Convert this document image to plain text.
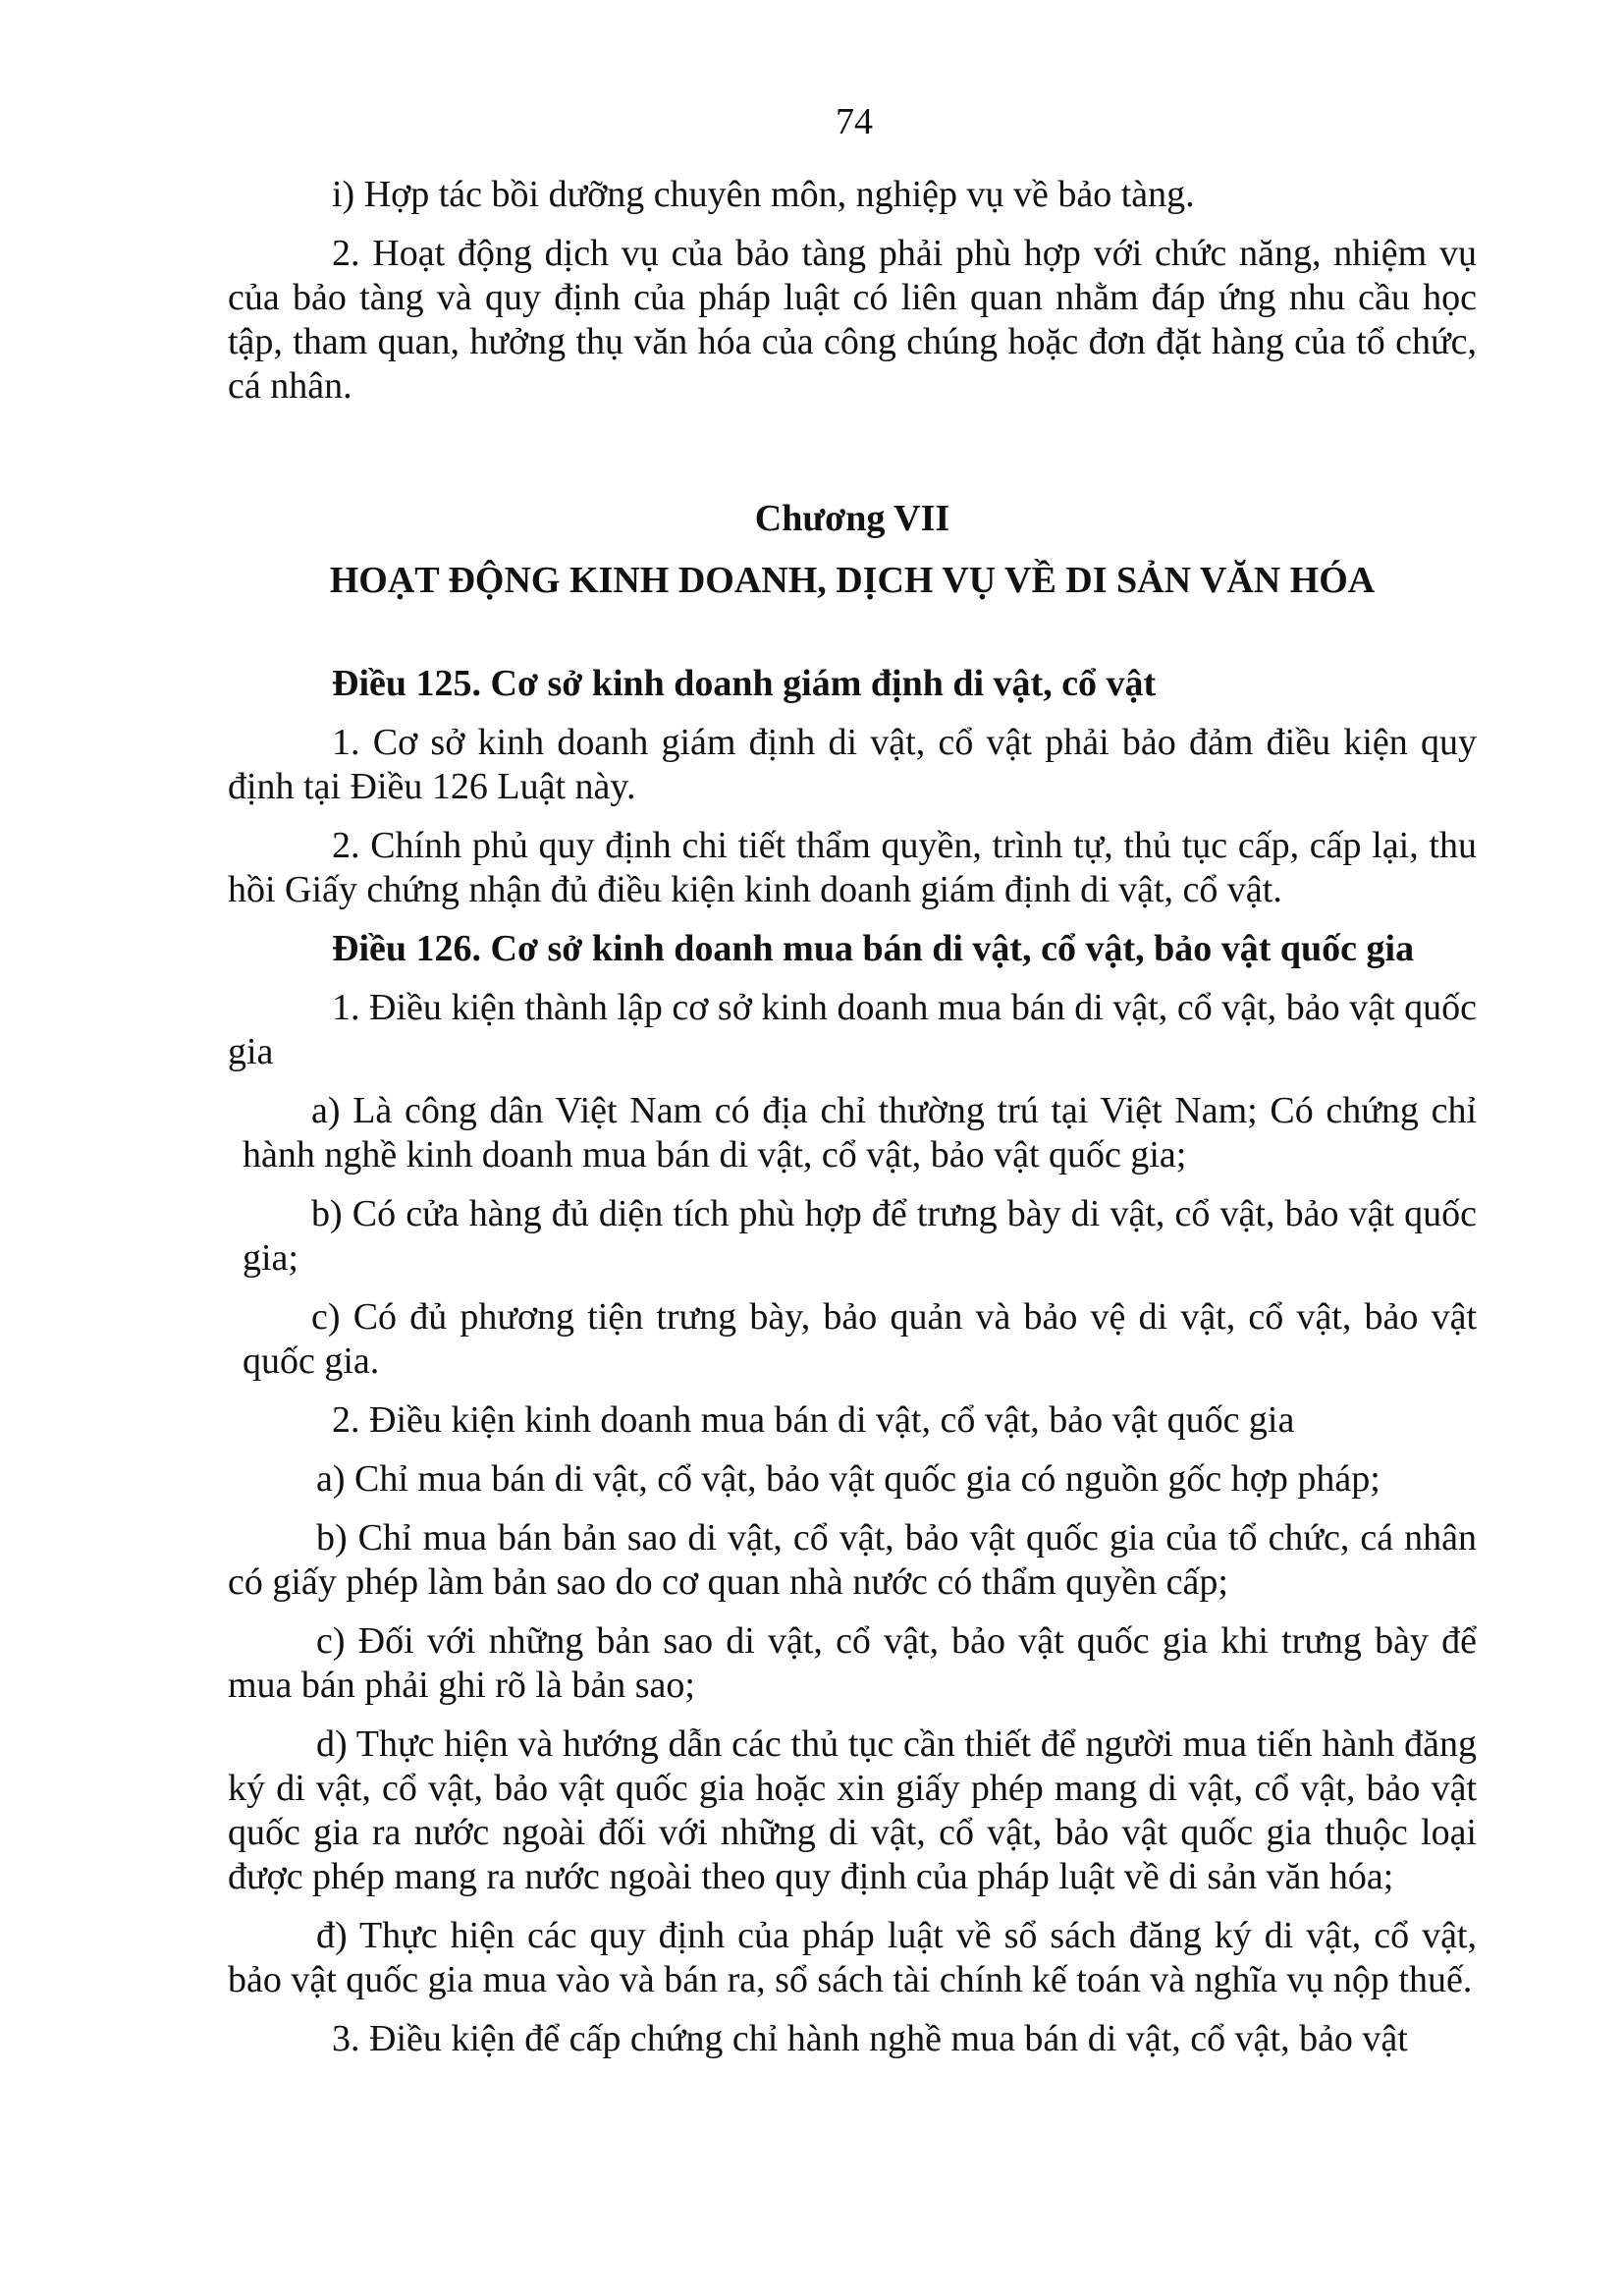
74

i) Hợp tác bồi dưỡng chuyên môn, nghiệp vụ về bảo tàng.

2. Hoạt động dịch vụ của bảo tàng phải phù hợp với chức năng, nhiệm vụ của bảo tàng và quy định của pháp luật có liên quan nhằm đáp ứng nhu cầu học tập, tham quan, hưởng thụ văn hóa của công chúng hoặc đơn đặt hàng của tổ chức, cá nhân.

Chương VII

HOẠT ĐỘNG KINH DOANH, DỊCH VỤ VỀ DI SẢN VĂN HÓA

Điều 125. Cơ sở kinh doanh giám định di vật, cổ vật

1. Cơ sở kinh doanh giám định di vật, cổ vật phải bảo đảm điều kiện quy định tại Điều 126 Luật này.

2. Chính phủ quy định chi tiết thẩm quyền, trình tự, thủ tục cấp, cấp lại, thu hồi Giấy chứng nhận đủ điều kiện kinh doanh giám định di vật, cổ vật.

Điều 126. Cơ sở kinh doanh mua bán di vật, cổ vật, bảo vật quốc gia

1. Điều kiện thành lập cơ sở kinh doanh mua bán di vật, cổ vật, bảo vật quốc gia

a) Là công dân Việt Nam có địa chỉ thường trú tại Việt Nam; Có chứng chỉ hành nghề kinh doanh mua bán di vật, cổ vật, bảo vật quốc gia;

b) Có cửa hàng đủ diện tích phù hợp để trưng bày di vật, cổ vật, bảo vật quốc gia;

c) Có đủ phương tiện trưng bày, bảo quản và bảo vệ di vật, cổ vật, bảo vật quốc gia.

2. Điều kiện kinh doanh mua bán di vật, cổ vật, bảo vật quốc gia

a) Chỉ mua bán di vật, cổ vật, bảo vật quốc gia có nguồn gốc hợp pháp;

b) Chỉ mua bán bản sao di vật, cổ vật, bảo vật quốc gia của tổ chức, cá nhân có giấy phép làm bản sao do cơ quan nhà nước có thẩm quyền cấp;

c) Đối với những bản sao di vật, cổ vật, bảo vật quốc gia khi trưng bày để mua bán phải ghi rõ là bản sao;

d) Thực hiện và hướng dẫn các thủ tục cần thiết để người mua tiến hành đăng ký di vật, cổ vật, bảo vật quốc gia hoặc xin giấy phép mang di vật, cổ vật, bảo vật quốc gia ra nước ngoài đối với những di vật, cổ vật, bảo vật quốc gia thuộc loại được phép mang ra nước ngoài theo quy định của pháp luật về di sản văn hóa;

đ) Thực hiện các quy định của pháp luật về sổ sách đăng ký di vật, cổ vật, bảo vật quốc gia mua vào và bán ra, sổ sách tài chính kế toán và nghĩa vụ nộp thuế.

3. Điều kiện để cấp chứng chỉ hành nghề mua bán di vật, cổ vật, bảo vật
